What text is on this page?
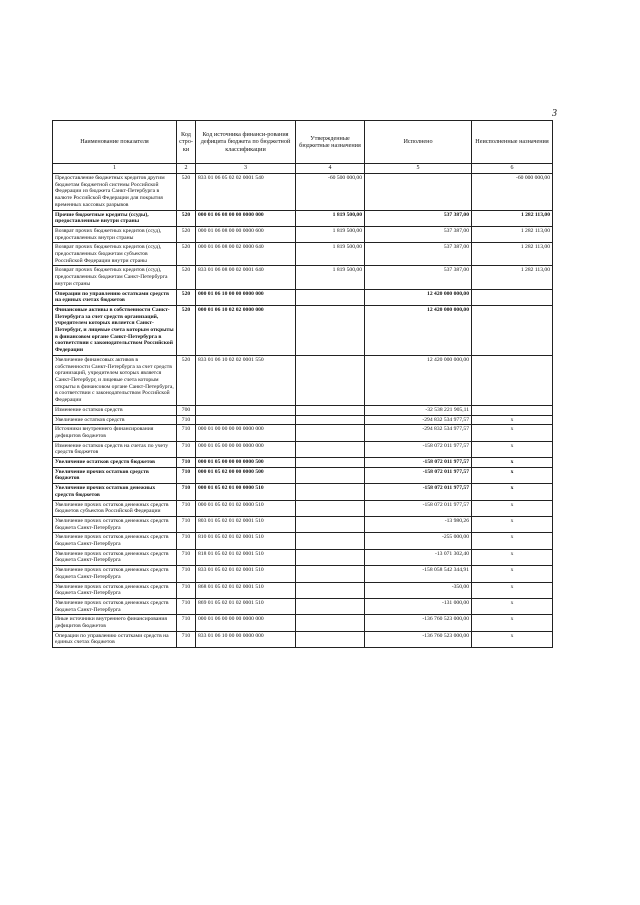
3
Наименование показателя	Код стро-ки	Код источника финанси-рования дефицита бюджета по бюджетной классификации	Утвержденные бюджетные назначения	Исполнено	Неисполненные назначения
1	2	3	4	5	6
Предоставление бюджетных кредитов другим бюджетам бюджетной системы Российской Федерации из бюджета Санкт-Петербурга в валюте Российской Федерации для покрытия временных кассовых разрывов	520	833 01 06 05 02 02 0001 540	-60 500 000,00		-60 000 000,00
Прочие бюджетные кредиты (ссуды), предоставленные внутри страны	520	000 01 06 08 00 00 0000 000	1 819 500,00	537 387,00	1 282 113,00
Возврат прочих бюджетных кредитов (ссуд), предоставленных внутри страны	520	000 01 06 08 00 00 0000 600	1 819 500,00	537 387,00	1 282 113,00
Возврат прочих бюджетных кредитов (ссуд), предоставленных бюджетам субъектов Российской Федерации внутри страны	520	000 01 06 08 00 02 0000 640	1 819 500,00	537 387,00	1 282 113,00
Возврат прочих бюджетных кредитов (ссуд), предоставленных бюджетам Санкт-Петербурга внутри страны	520	833 01 06 08 00 02 0001 640	1 819 500,00	537 387,00	1 282 113,00
Операции по управлению остатками средств на единых счетах бюджетов	520	000 01 06 10 00 00 0000 000		12 420 000 000,00	
Финансовые активы в собственности Санкт-Петербурга за счет средств организаций, учредителем которых является Санкт-Петербург, и лицевые счета которым открыты в финансовом органе Санкт-Петербурга в соответствии с законодательством Российской Федерации	520	000 01 06 10 02 02 0000 000		12 420 000 000,00	
Увеличение финансовых активов в собственности Санкт-Петербурга за счет средств организаций, учредителем которых является Санкт-Петербург, и лицевые счета которым открыты в финансовом органе Санкт-Петербурга, в соответствии с законодательством Российской Федерации	520	833 01 06 10 02 02 0001 550		12 420 000 000,00	
Изменение остатков средств	700			-32 538 221 905,11	
Увеличение остатков средств	710			-294 832 534 977,57	x
Источники внутреннего финансирования дефицитов бюджетов	710	000 01 00 00 00 00 0000 000		-294 832 534 977,57	x
Изменение остатков средств на счетах по учету средств бюджетов	710	000 01 05 00 00 00 0000 000		-158 072 011 977,57	x
Увеличение остатков средств бюджетов	710	000 01 05 00 00 00 0000 500		-158 072 011 977,57	x
Увеличение прочих остатков средств бюджетов	710	000 01 05 02 00 00 0000 500		-158 072 011 977,57	x
Увеличение прочих остатков денежных средств бюджетов	710	000 01 05 02 01 00 0000 510		-158 072 011 977,57	x
Увеличение прочих остатков денежных средств бюджетов субъектов Российской Федерации	710	000 01 05 02 01 02 0000 510		-158 072 011 977,57	x
Увеличение прочих остатков денежных средств бюджета Санкт-Петербурга	710	803 01 05 02 01 02 0001 510		-13 980,26	x
Увеличение прочих остатков денежных средств бюджета Санкт-Петербурга	710	810 01 05 02 01 02 0001 510		-255 000,00	x
Увеличение прочих остатков денежных средств бюджета Санкт-Петербурга	710	818 01 05 02 01 02 0001 510		-13 071 302,40	x
Увеличение прочих остатков денежных средств бюджета Санкт-Петербурга	710	833 01 05 02 01 02 0001 510		-158 058 542 344,91	x
Увеличение прочих остатков денежных средств бюджета Санкт-Петербурга	710	868 01 05 02 01 02 0001 510		-350,00	x
Увеличение прочих остатков денежных средств бюджета Санкт-Петербурга	710	869 01 05 02 01 02 0001 510		-131 000,00	x
Иные источники внутреннего финансирования дефицитов бюджетов	710	000 01 06 00 00 00 0000 000		-136 760 523 000,00	x
Операции по управлению остатками средств на единых счетах бюджетов	710	833 01 06 10 00 00 0000 000		-136 760 523 000,00	x
